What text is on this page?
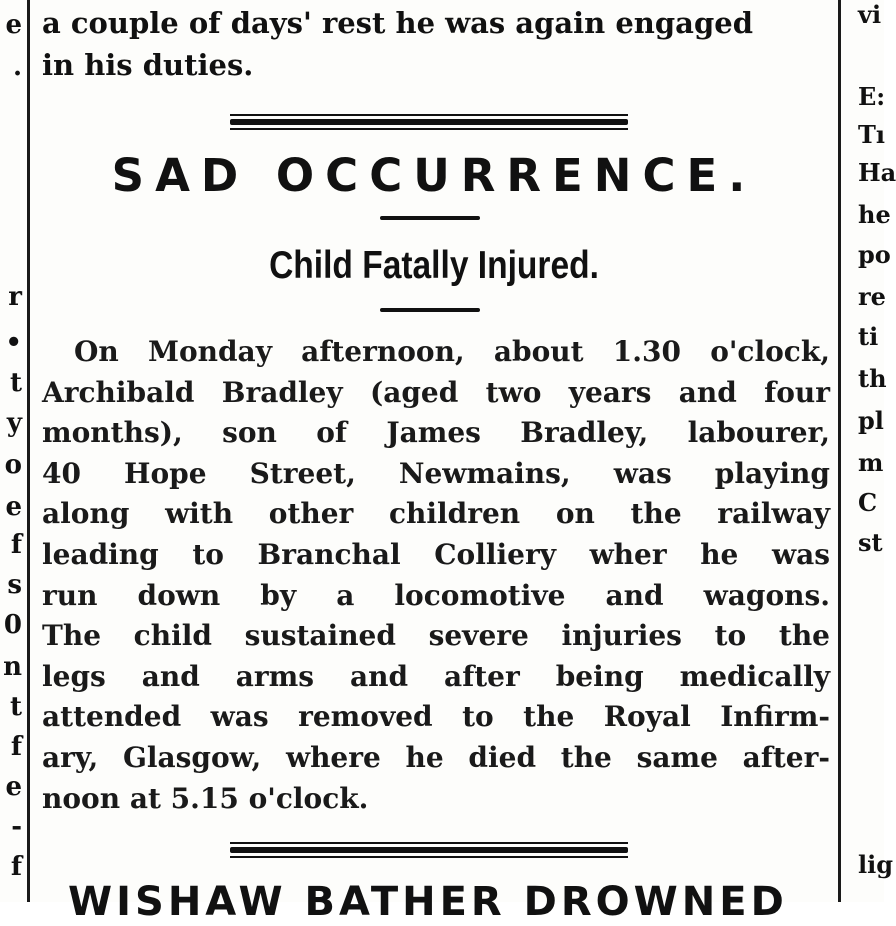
e
.
r
•
t
y
o
e
f
s
0
n
t
f
e
-
f
a couple of days' rest he was again engaged
in his duties.
SAD OCCURRENCE.
Child Fatally Injured.
On Monday afternoon, about 1.30 o'clock,
Archibald Bradley (aged two years and four
months), son of James Bradley, labourer,
40 Hope Street, Newmains, was playing
along with other children on the railway
leading to Branchal Colliery wher he was
run down by a locomotive and wagons.
The child sustained severe injuries to the
legs and arms and after being medically
attended was removed to the Royal Infirm-
ary, Glasgow, where he died the same after-
noon at 5.15 o'clock.
WISHAW BATHER DROWNED
vi
E:
Tı
Ha
he
po
re
ti
th
pl
m
C
st
lig
